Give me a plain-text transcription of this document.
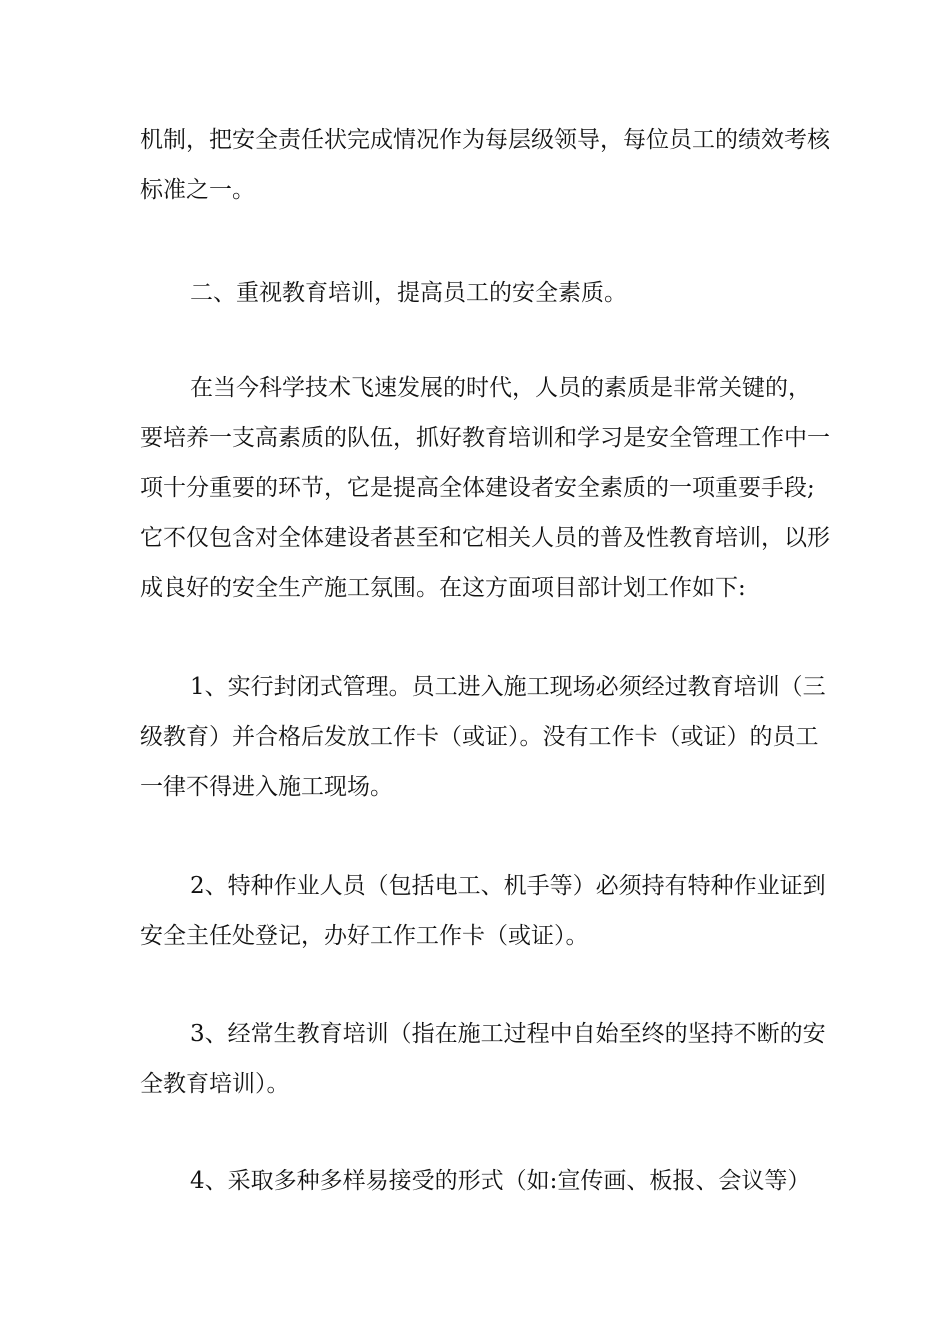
机制，把安全责任状完成情况作为每层级领导，每位员工的绩效考核
标准之一。
二、重视教育培训，提高员工的安全素质。
在当今科学技术飞速发展的时代，人员的素质是非常关键的，
要培养一支高素质的队伍，抓好教育培训和学习是安全管理工作中一
项十分重要的环节，它是提高全体建设者安全素质的一项重要手段;
它不仅包含对全体建设者甚至和它相关人员的普及性教育培训，以形
成良好的安全生产施工氛围。在这方面项目部计划工作如下:
1、实行封闭式管理。员工进入施工现场必须经过教育培训（三
级教育）并合格后发放工作卡（或证）。没有工作卡（或证）的员工
一律不得进入施工现场。
2、特种作业人员（包括电工、机手等）必须持有特种作业证到
安全主任处登记，办好工作工作卡（或证）。
3、经常生教育培训（指在施工过程中自始至终的坚持不断的安
全教育培训）。
4、采取多种多样易接受的形式（如:宣传画、板报、会议等）
